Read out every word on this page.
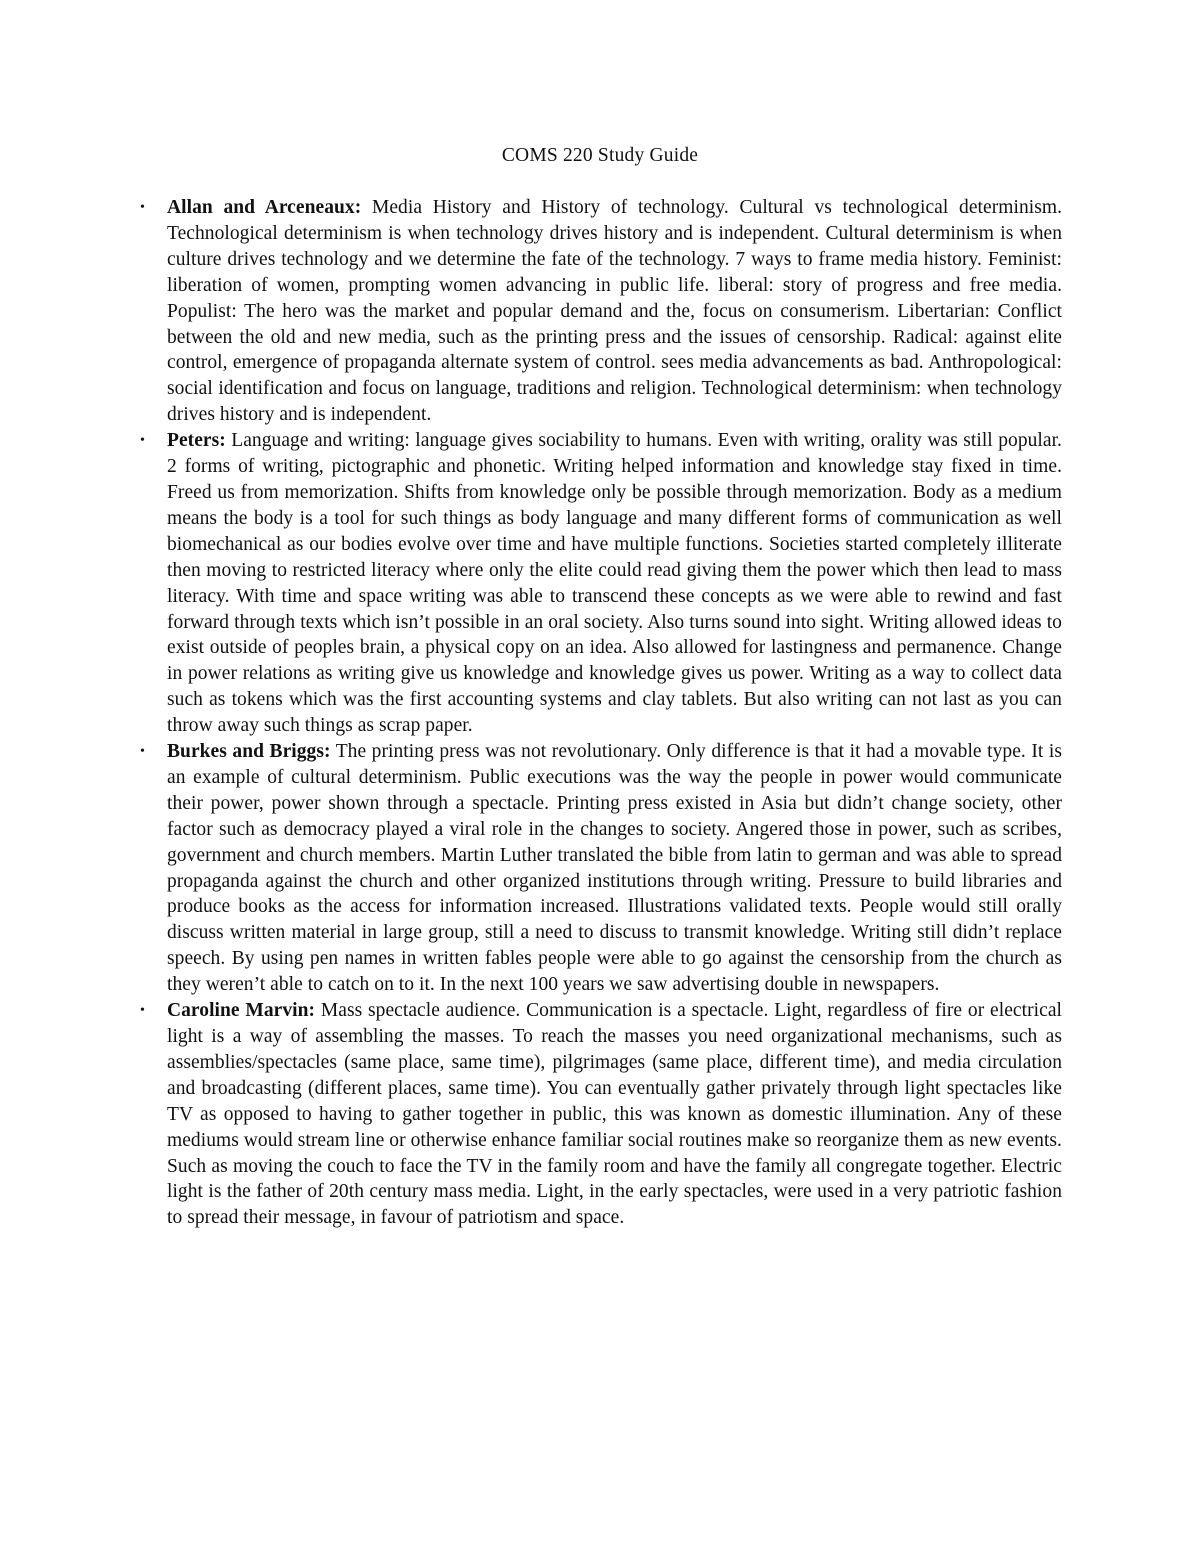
COMS 220 Study Guide
•	Allan and Arceneaux: Media History and History of technology. Cultural vs technological determinism. Technological determinism is when technology drives history and is independent. Cultural determinism is when culture drives technology and we determine the fate of the technology. 7 ways to frame media history. Feminist: liberation of women, prompting women advancing in public life. liberal: story of progress and free media. Populist: The hero was the market and popular demand and the, focus on consumerism. Libertarian: Conflict between the old and new media, such as the printing press and the issues of censorship. Radical: against elite control, emergence of propaganda alternate system of control. sees media advancements as bad. Anthropological: social identification and focus on language, traditions and religion. Technological determinism: when technology drives history and is independent.
•	Peters: Language and writing: language gives sociability to humans. Even with writing, orality was still popular. 2 forms of writing, pictographic and phonetic. Writing helped information and knowledge stay fixed in time. Freed us from memorization. Shifts from knowledge only be possible through memorization. Body as a medium means the body is a tool for such things as body language and many different forms of communication as well biomechanical as our bodies evolve over time and have multiple functions. Societies started completely illiterate then moving to restricted literacy where only the elite could read giving them the power which then lead to mass literacy. With time and space writing was able to transcend these concepts as we were able to rewind and fast forward through texts which isn’t possible in an oral society. Also turns sound into sight. Writing allowed ideas to exist outside of peoples brain, a physical copy on an idea. Also allowed for lastingness and permanence. Change in power relations as writing give us knowledge and knowledge gives us power. Writing as a way to collect data such as tokens which was the first accounting systems and clay tablets. But also writing can not last as you can throw away such things as scrap paper.
•	Burkes and Briggs: The printing press was not revolutionary. Only difference is that it had a movable type. It is an example of cultural determinism. Public executions was the way the people in power would communicate their power, power shown through a spectacle. Printing press existed in Asia but didn’t change society, other factor such as democracy played a viral role in the changes to society. Angered those in power, such as scribes, government and church members. Martin Luther translated the bible from latin to german and was able to spread propaganda against the church and other organized institutions through writing. Pressure to build libraries and produce books as the access for information increased. Illustrations validated texts. People would still orally discuss written material in large group, still a need to discuss to transmit knowledge. Writing still didn’t replace speech. By using pen names in written fables people were able to go against the censorship from the church as they weren’t able to catch on to it. In the next 100 years we saw advertising double in newspapers.
•	Caroline Marvin: Mass spectacle audience. Communication is a spectacle. Light, regardless of fire or electrical light is a way of assembling the masses. To reach the masses you need organizational mechanisms, such as assemblies/spectacles (same place, same time), pilgrimages (same place, different time), and media circulation and broadcasting (different places, same time). You can eventually gather privately through light spectacles like TV as opposed to having to gather together in public, this was known as domestic illumination. Any of these mediums would stream line or otherwise enhance familiar social routines make so reorganize them as new events. Such as moving the couch to face the TV in the family room and have the family all congregate together. Electric light is the father of 20th century mass media. Light, in the early spectacles, were used in a very patriotic fashion to spread their message, in favour of patriotism and space.
